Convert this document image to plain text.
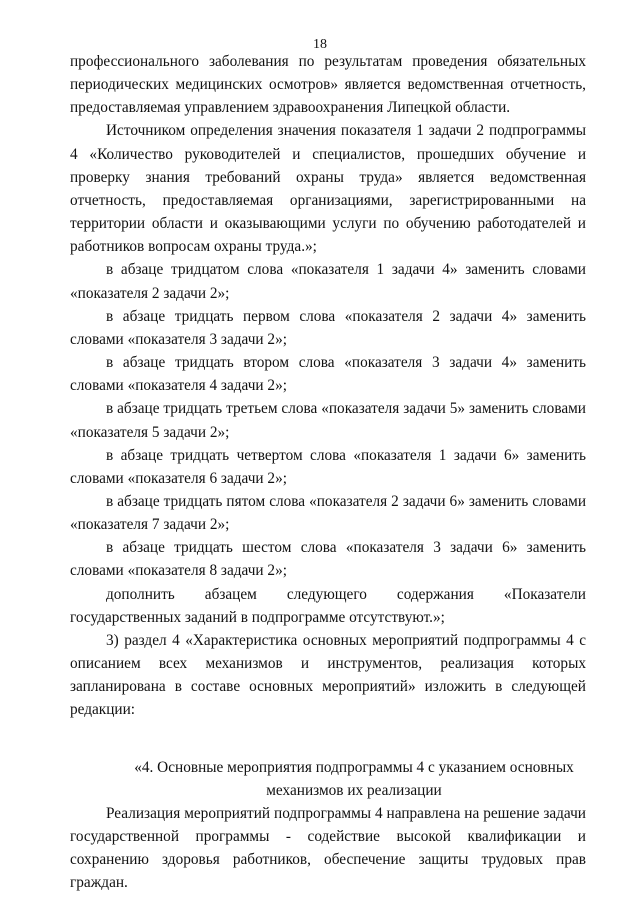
18

профессионального заболевания по результатам проведения обязательных периодических медицинских осмотров» является ведомственная отчетность, предоставляемая управлением здравоохранения Липецкой области.

Источником определения значения показателя 1 задачи 2 подпрограммы 4 «Количество руководителей и специалистов, прошедших обучение и проверку знания требований охраны труда» является ведомственная отчетность, предоставляемая организациями, зарегистрированными на территории области и оказывающими услуги по обучению работодателей и работников вопросам охраны труда.»;

в абзаце тридцатом слова «показателя 1 задачи 4» заменить словами «показателя 2 задачи 2»;

в абзаце тридцать первом слова «показателя 2 задачи 4» заменить словами «показателя 3 задачи 2»;

в абзаце тридцать втором слова «показателя 3 задачи 4» заменить словами «показателя 4 задачи 2»;

в абзаце тридцать третьем слова «показателя задачи 5» заменить словами «показателя 5 задачи 2»;

в абзаце тридцать четвертом слова «показателя 1 задачи 6» заменить словами «показателя 6 задачи 2»;

в абзаце тридцать пятом слова «показателя 2 задачи 6» заменить словами «показателя 7 задачи 2»;

в абзаце тридцать шестом слова «показателя 3 задачи 6» заменить словами «показателя 8 задачи 2»;

дополнить абзацем следующего содержания «Показатели государственных заданий в подпрограмме отсутствуют.»;

3) раздел 4 «Характеристика основных мероприятий подпрограммы 4 с описанием всех механизмов и инструментов, реализация которых запланирована в составе основных мероприятий» изложить в следующей редакции:

«4. Основные мероприятия подпрограммы 4 с указанием основных механизмов их реализации

Реализация мероприятий подпрограммы 4 направлена на решение задачи государственной программы - содействие высокой квалификации и сохранению здоровья работников, обеспечение защиты трудовых прав граждан.
